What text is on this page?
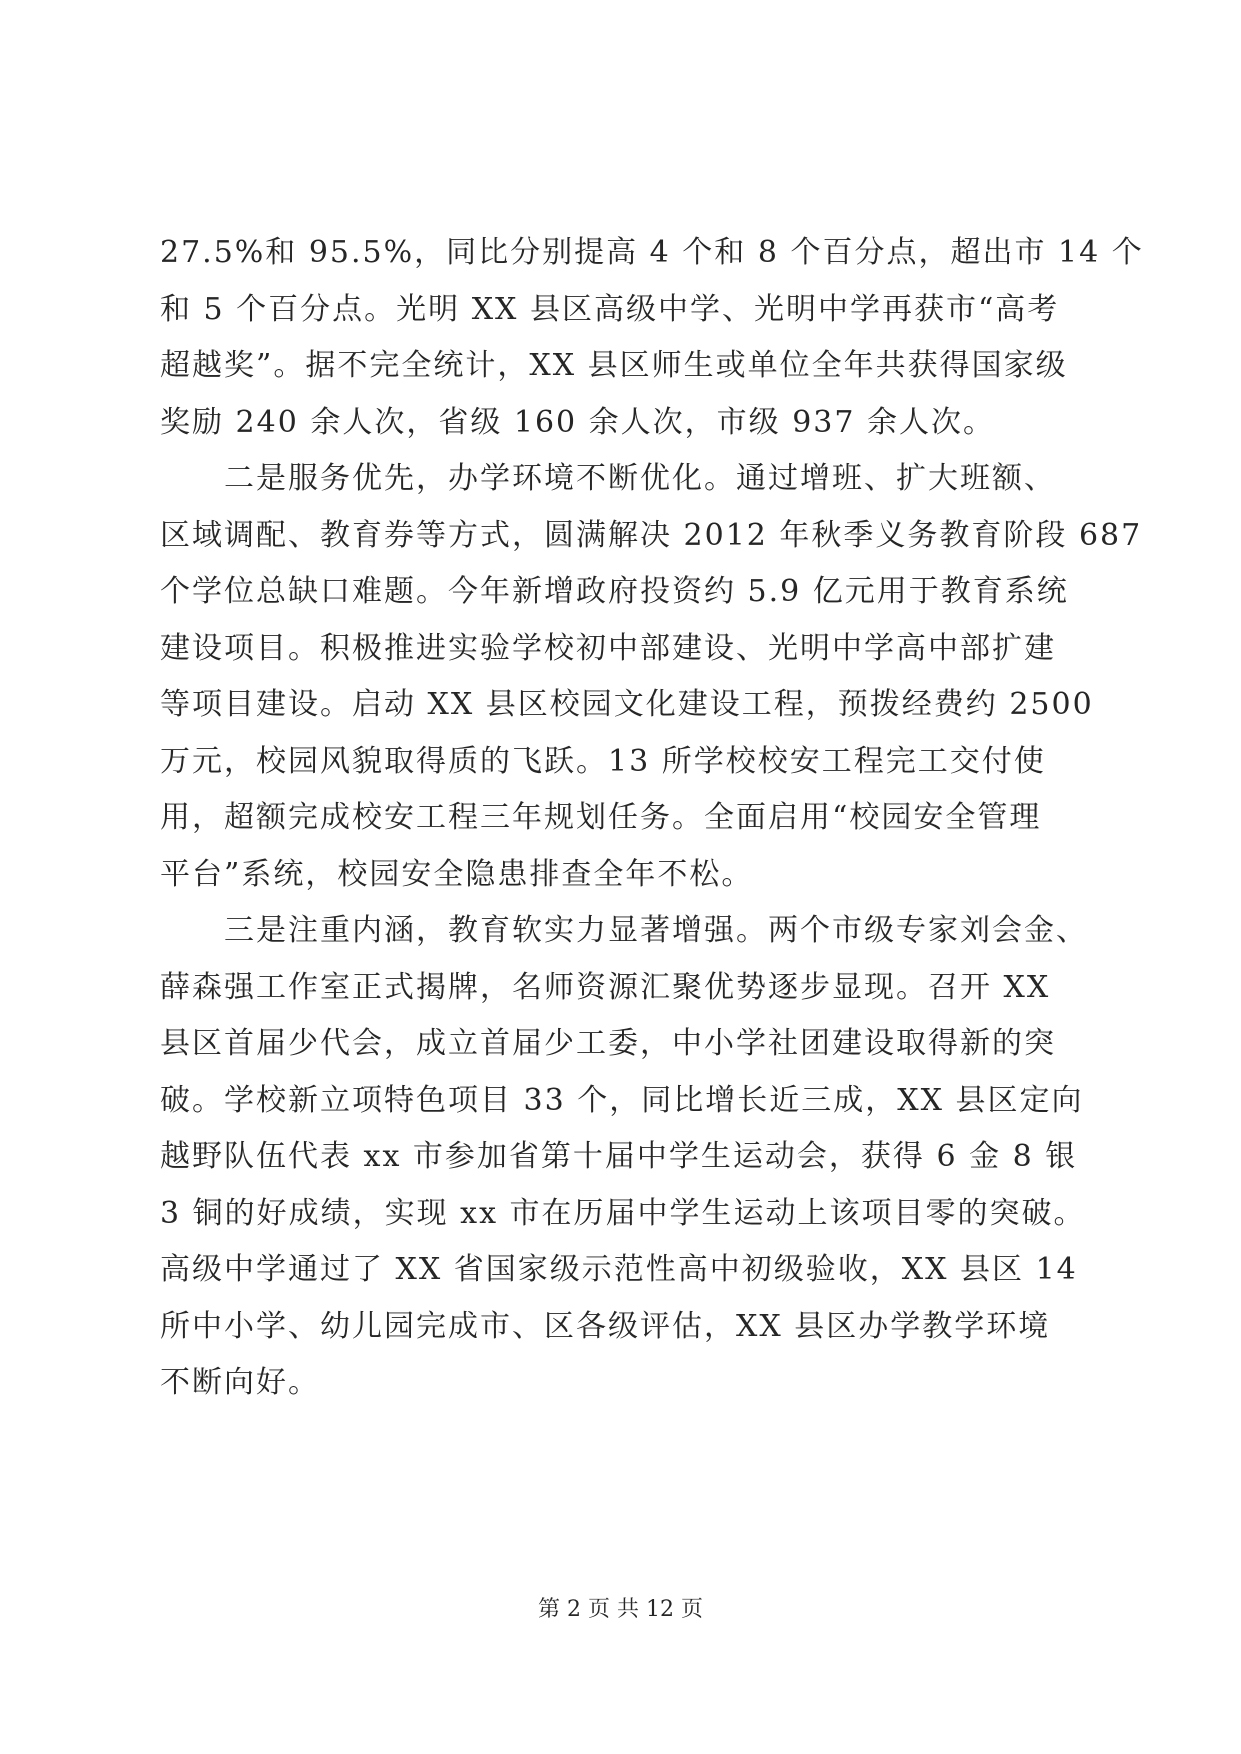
27.5%和 95.5%，同比分别提高 4 个和 8 个百分点，超出市 14 个
和 5 个百分点。光明 XX 县区高级中学、光明中学再获市“高考
超越奖”。据不完全统计，XX 县区师生或单位全年共获得国家级
奖励 240 余人次，省级 160 余人次，市级 937 余人次。
　　二是服务优先，办学环境不断优化。通过增班、扩大班额、
区域调配、教育券等方式，圆满解决 2012 年秋季义务教育阶段 687
个学位总缺口难题。今年新增政府投资约 5.9 亿元用于教育系统
建设项目。积极推进实验学校初中部建设、光明中学高中部扩建
等项目建设。启动 XX 县区校园文化建设工程，预拨经费约 2500
万元，校园风貌取得质的飞跃。13 所学校校安工程完工交付使
用，超额完成校安工程三年规划任务。全面启用“校园安全管理
平台”系统，校园安全隐患排查全年不松。
　　三是注重内涵，教育软实力显著增强。两个市级专家刘会金、
薛森强工作室正式揭牌，名师资源汇聚优势逐步显现。召开 XX
县区首届少代会，成立首届少工委，中小学社团建设取得新的突
破。学校新立项特色项目 33 个，同比增长近三成，XX 县区定向
越野队伍代表 xx 市参加省第十届中学生运动会，获得 6 金 8 银
3 铜的好成绩，实现 xx 市在历届中学生运动上该项目零的突破。
高级中学通过了 XX 省国家级示范性高中初级验收，XX 县区 14
所中小学、幼儿园完成市、区各级评估，XX 县区办学教学环境
不断向好。
第 2 页 共 12 页
